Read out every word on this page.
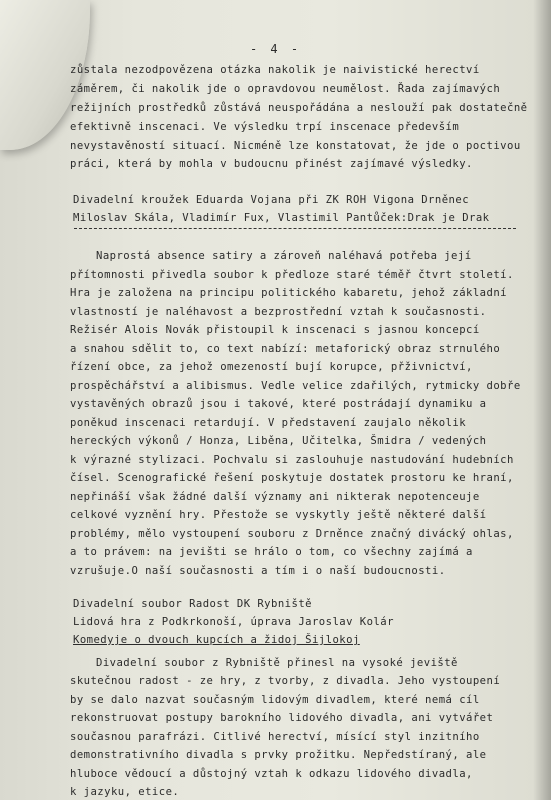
- 4 -
zůstala nezodpovězena otázka nakolik je naivistické herectví
záměrem, či nakolik jde o opravdovou neumělost. Řada zajímavých
režijních prostředků zůstává neuspořádána a neslouží pak dostatečně
efektivně inscenaci. Ve výsledku trpí inscenace především
nevystavěností situací. Nicméně lze konstatovat, že jde o poctivou
práci, která by mohla v budoucnu přinést zajímavé výsledky.
Divadelní kroužek Eduarda Vojana při ZK ROH Vigona Drněnec
Miloslav Skála, Vladimír Fux, Vlastimil Pantůček:Drak je Drak
Naprostá absence satiry a zároveň naléhavá potřeba její
přítomnosti přivedla soubor k předloze staré téměř čtvrt století.
Hra je založena na principu politického kabaretu, jehož základní
vlastností je naléhavost a bezprostřední vztah k současnosti.
Režisér Alois Novák přistoupil k inscenaci s jasnou koncepcí
a snahou sdělit to, co text nabízí: metaforický obraz strnulého
řízení obce, za jehož omezeností bují korupce, přživnictví,
prospěchářství a alibismus. Vedle velice zdařilých, rytmicky dobře
vystavěných obrazů jsou i takové, které postrádají dynamiku a
poněkud inscenaci retardují. V představení zaujalo několik
hereckých výkonů / Honza, Liběna, Učitelka, Šmidra / vedených
k výrazné stylizaci. Pochvalu si zaslouhuje nastudování hudebních
čísel. Scenografické řešení poskytuje dostatek prostoru ke hraní,
nepřináší však žádné další významy ani nikterak nepotenceuje
celkové vyznění hry. Přestože se vyskytly ještě některé další
problémy, mělo vystoupení souboru z Drněnce značný divácký ohlas,
a to právem: na jevišti se hrálo o tom, co všechny zajímá a
vzrušuje.O naší současnosti a tím i o naší budoucnosti.
Divadelní soubor Radost DK Rybniště
Lidová hra z Podkrkonoší, úprava Jaroslav Kolár
Komedyje o dvouch kupcích a židoj Šijlokoj
Divadelní soubor z Rybniště přinesl na vysoké jeviště
skutečnou radost - ze hry, z tvorby, z divadla. Jeho vystoupení
by se dalo nazvat současným lidovým divadlem, které nemá cíl
rekonstruovat postupy barokního lidového divadla, ani vytvářet
současnou parafrázi. Citlivé herectví, mísící styl inzitního
demonstrativního divadla s prvky prožitku. Nepředstíraný, ale
hluboce vědoucí a důstojný vztah k odkazu lidového divadla,
k jazyku, etice.
